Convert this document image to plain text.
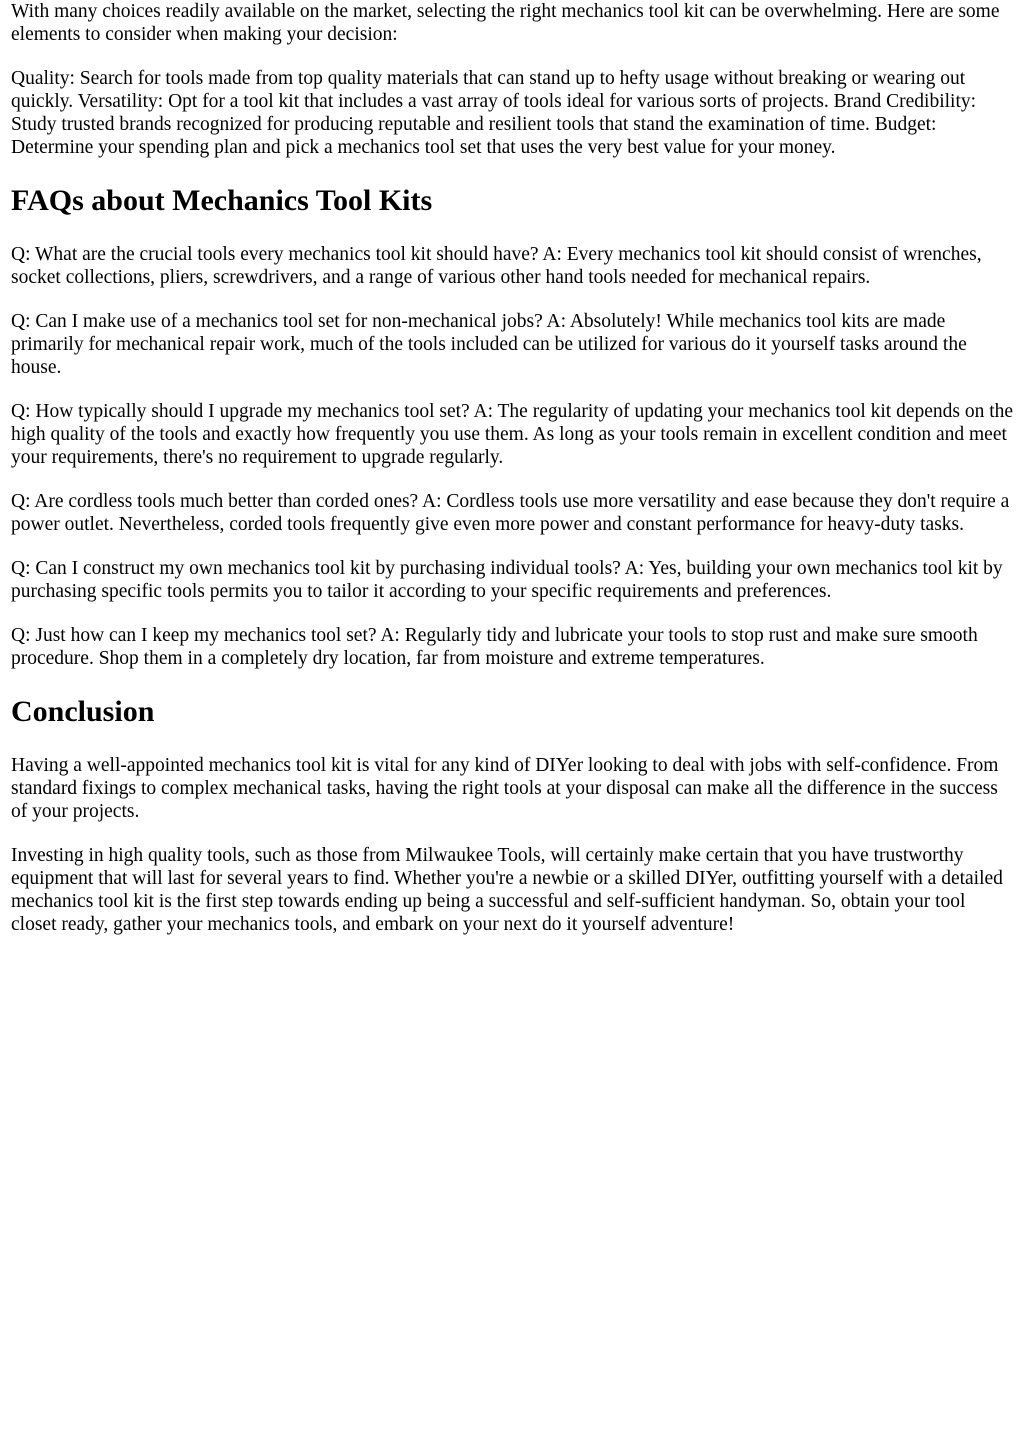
With many choices readily available on the market, selecting the right mechanics tool kit can be overwhelming. Here are some elements to consider when making your decision:

Quality: Search for tools made from top quality materials that can stand up to hefty usage without breaking or wearing out quickly. Versatility: Opt for a tool kit that includes a vast array of tools ideal for various sorts of projects. Brand Credibility: Study trusted brands recognized for producing reputable and resilient tools that stand the examination of time. Budget: Determine your spending plan and pick a mechanics tool set that uses the very best value for your money.

FAQs about Mechanics Tool Kits

Q: What are the crucial tools every mechanics tool kit should have? A: Every mechanics tool kit should consist of wrenches, socket collections, pliers, screwdrivers, and a range of various other hand tools needed for mechanical repairs.

Q: Can I make use of a mechanics tool set for non-mechanical jobs? A: Absolutely! While mechanics tool kits are made primarily for mechanical repair work, much of the tools included can be utilized for various do it yourself tasks around the house.

Q: How typically should I upgrade my mechanics tool set? A: The regularity of updating your mechanics tool kit depends on the high quality of the tools and exactly how frequently you use them. As long as your tools remain in excellent condition and meet your requirements, there's no requirement to upgrade regularly.

Q: Are cordless tools much better than corded ones? A: Cordless tools use more versatility and ease because they don't require a power outlet. Nevertheless, corded tools frequently give even more power and constant performance for heavy-duty tasks.

Q: Can I construct my own mechanics tool kit by purchasing individual tools? A: Yes, building your own mechanics tool kit by purchasing specific tools permits you to tailor it according to your specific requirements and preferences.

Q: Just how can I keep my mechanics tool set? A: Regularly tidy and lubricate your tools to stop rust and make sure smooth procedure. Shop them in a completely dry location, far from moisture and extreme temperatures.

Conclusion

Having a well-appointed mechanics tool kit is vital for any kind of DIYer looking to deal with jobs with self-confidence. From standard fixings to complex mechanical tasks, having the right tools at your disposal can make all the difference in the success of your projects.

Investing in high quality tools, such as those from Milwaukee Tools, will certainly make certain that you have trustworthy equipment that will last for several years to find. Whether you're a newbie or a skilled DIYer, outfitting yourself with a detailed mechanics tool kit is the first step towards ending up being a successful and self-sufficient handyman. So, obtain your tool closet ready, gather your mechanics tools, and embark on your next do it yourself adventure!
